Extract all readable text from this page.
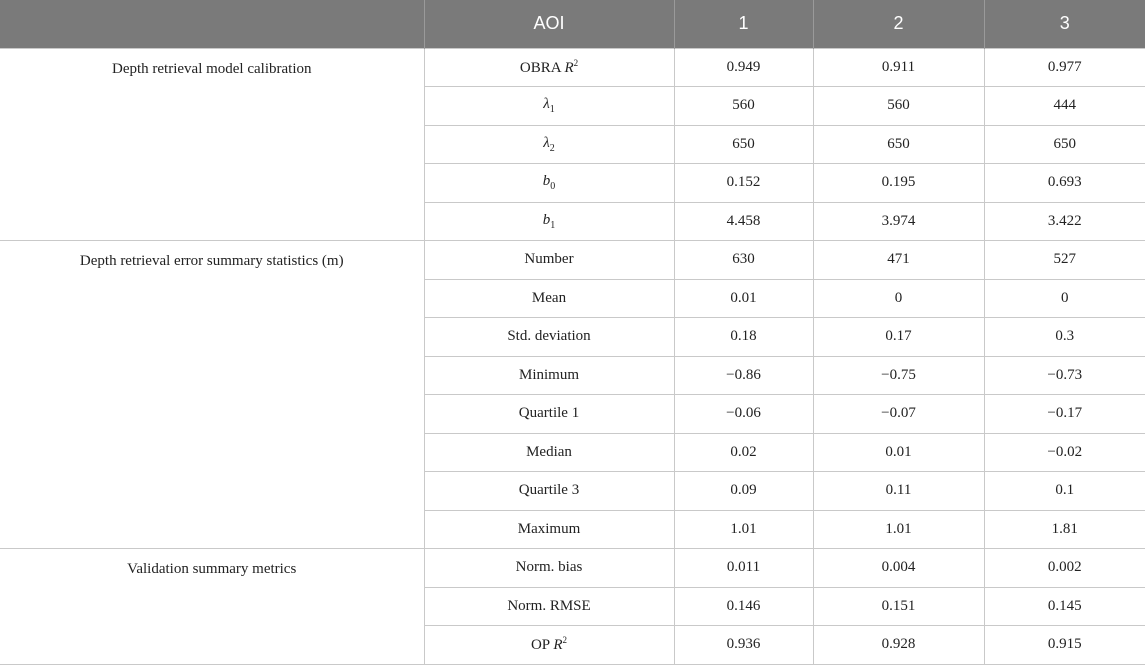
	AOI	1	2	3
Depth retrieval model calibration	OBRA $R^2$	0.949	0.911	0.977
	$\lambda_1$	560	560	444
	$\lambda_2$	650	650	650
	$b_0$	0.152	0.195	0.693
	$b_1$	4.458	3.974	3.422
Depth retrieval error summary statistics (m)	Number	630	471	527
	Mean	0.01	0	0
	Std. deviation	0.18	0.17	0.3
	Minimum	−0.86	−0.75	−0.73
	Quartile 1	−0.06	−0.07	−0.17
	Median	0.02	0.01	−0.02
	Quartile 3	0.09	0.11	0.1
	Maximum	1.01	1.01	1.81
Validation summary metrics	Norm. bias	0.011	0.004	0.002
	Norm. RMSE	0.146	0.151	0.145
	OP $R^2$	0.936	0.928	0.915
